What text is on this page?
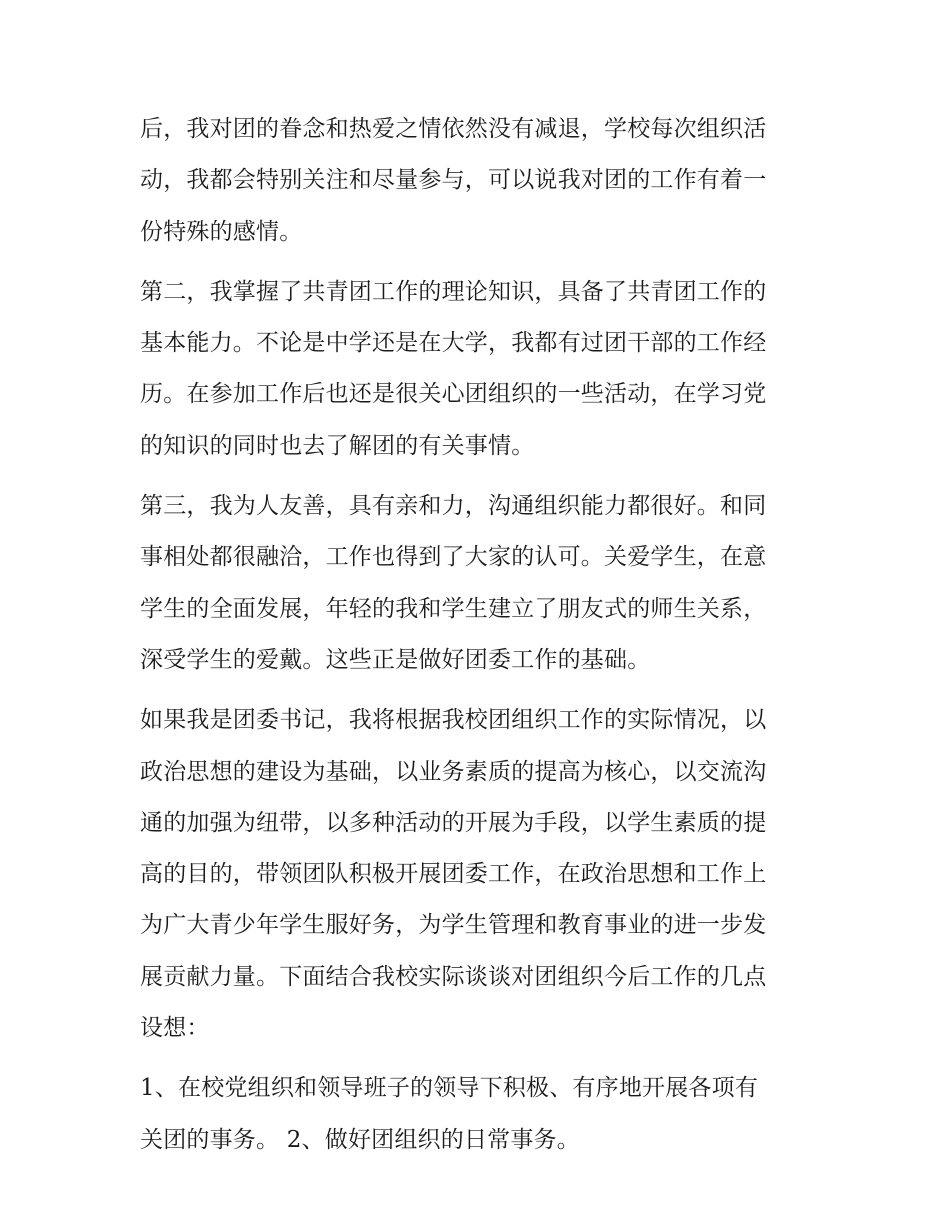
后，我对团的眷念和热爱之情依然没有减退，学校每次组织活
动，我都会特别关注和尽量参与，可以说我对团的工作有着一
份特殊的感情。

第二，我掌握了共青团工作的理论知识，具备了共青团工作的
基本能力。不论是中学还是在大学，我都有过团干部的工作经
历。在参加工作后也还是很关心团组织的一些活动，在学习党
的知识的同时也去了解团的有关事情。

第三，我为人友善，具有亲和力，沟通组织能力都很好。和同
事相处都很融洽，工作也得到了大家的认可。关爱学生，在意
学生的全面发展，年轻的我和学生建立了朋友式的师生关系，
深受学生的爱戴。这些正是做好团委工作的基础。

如果我是团委书记，我将根据我校团组织工作的实际情况，以
政治思想的建设为基础，以业务素质的提高为核心，以交流沟
通的加强为纽带，以多种活动的开展为手段，以学生素质的提
高的目的，带领团队积极开展团委工作，在政治思想和工作上
为广大青少年学生服好务，为学生管理和教育事业的进一步发
展贡献力量。下面结合我校实际谈谈对团组织今后工作的几点
设想：

1、在校党组织和领导班子的领导下积极、有序地开展各项有
关团的事务。 2、做好团组织的日常事务。
